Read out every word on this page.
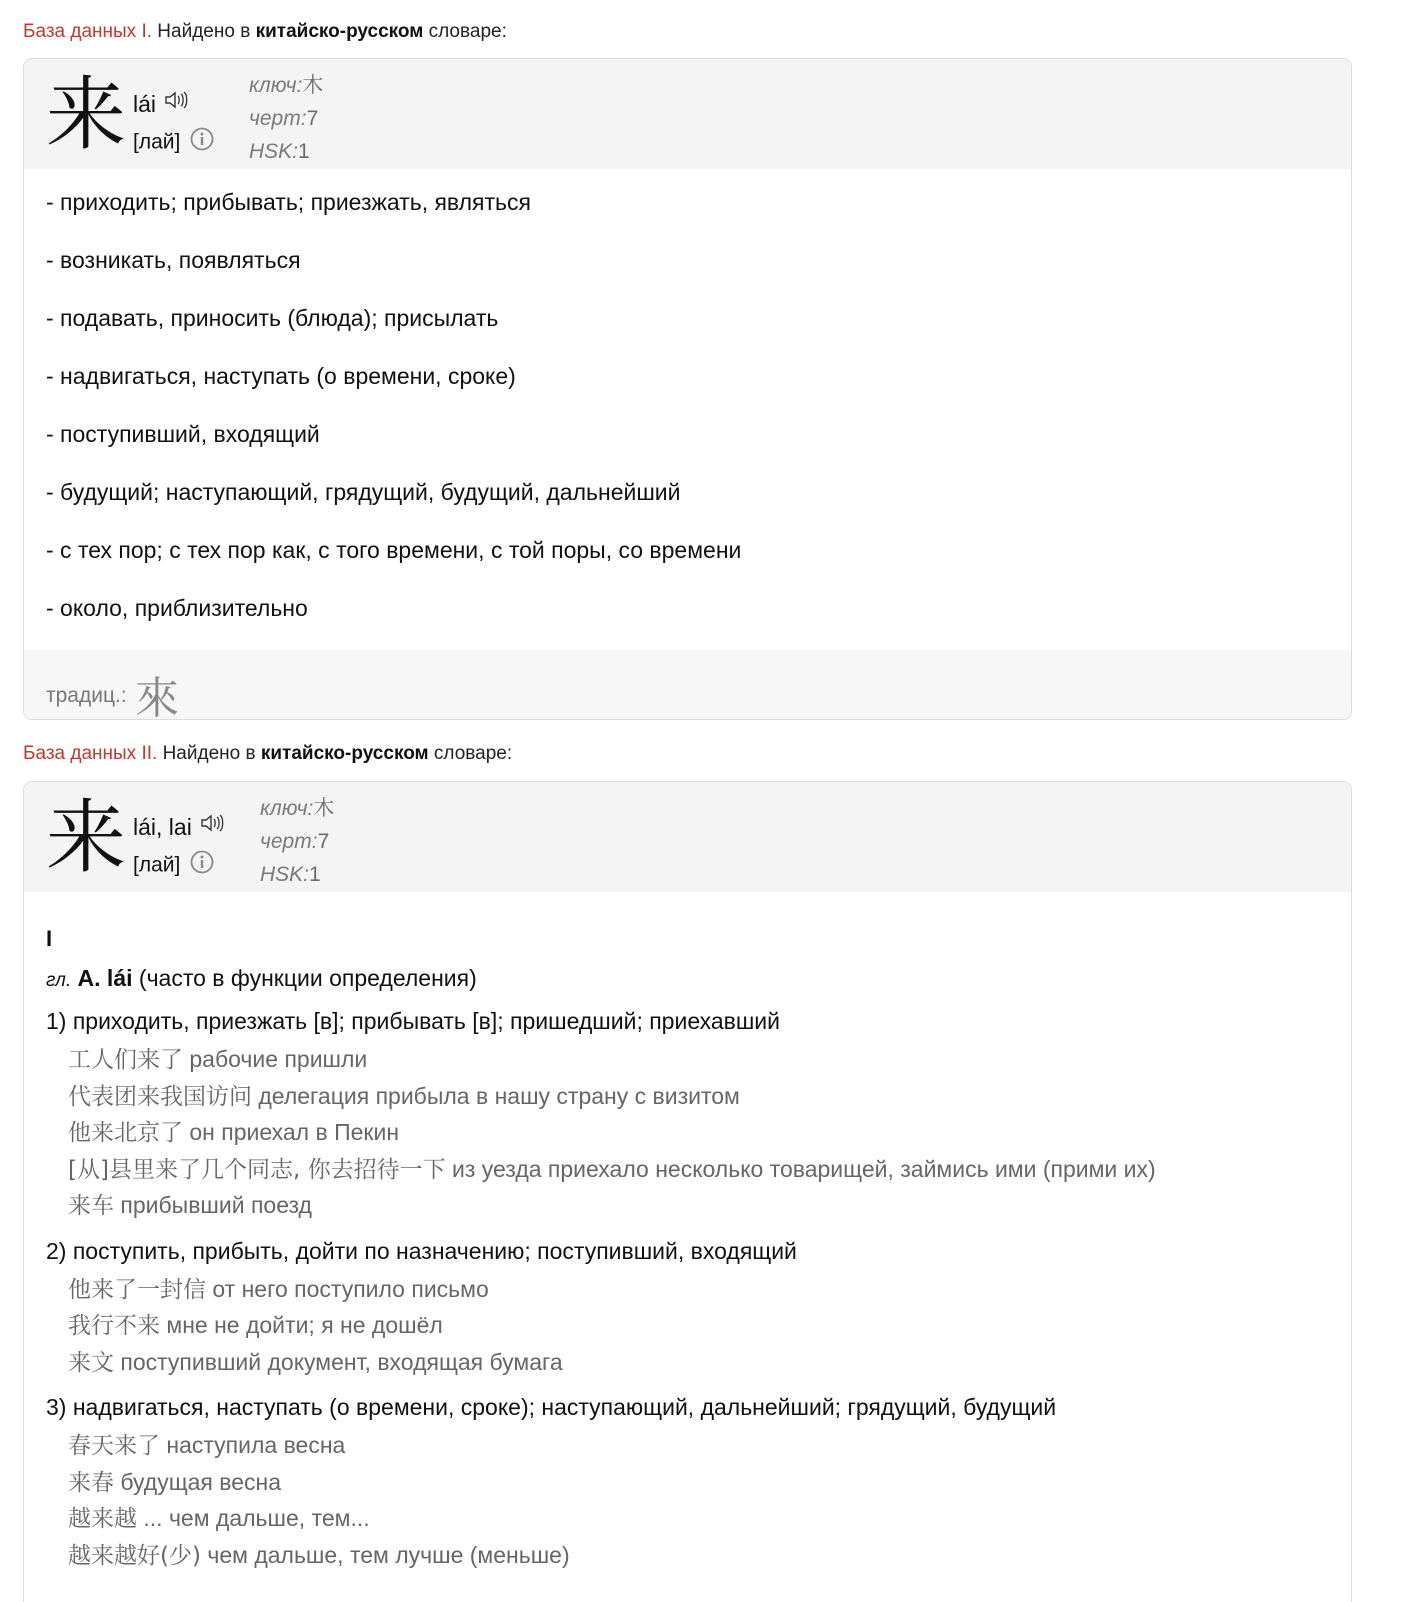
База данных I. Найдено в китайско-русском словаре:
来 lái
[лай]
ключ:木
черт:7
HSK:1
- приходить; прибывать; приезжать, являться
- возникать, появляться
- подавать, приносить (блюда); присылать
- надвигаться, наступать (о времени, сроке)
- поступивший, входящий
- будущий; наступающий, грядущий, будущий, дальнейший
- с тех пор; с тех пор как, с того времени, с той поры, со времени
- около, приблизительно
традиц.: 來
База данных II. Найдено в китайско-русском словаре:
来 lái, lai
[лай]
ключ:木
черт:7
HSK:1
I
гл. А. lái (часто в функции определения)
1) приходить, приезжать [в]; прибывать [в]; пришедший; приехавший
工人们来了 рабочие пришли
代表团来我国访问 делегация прибыла в нашу страну с визитом
他来北京了 он приехал в Пекин
[从]县里来了几个同志, 你去招待一下 из уезда приехало несколько товарищей, займись ими (прими их)
来车 прибывший поезд
2) поступить, прибыть, дойти по назначению; поступивший, входящий
他来了一封信 от него поступило письмо
我行不来 мне не дойти; я не дошёл
来文 поступивший документ, входящая бумага
3) надвигаться, наступать (о времени, сроке); наступающий, дальнейший; грядущий, будущий
春天来了 наступила весна
来春 будущая весна
越来越 ... чем дальше, тем...
越来越好(少) чем дальше, тем лучше (меньше)
